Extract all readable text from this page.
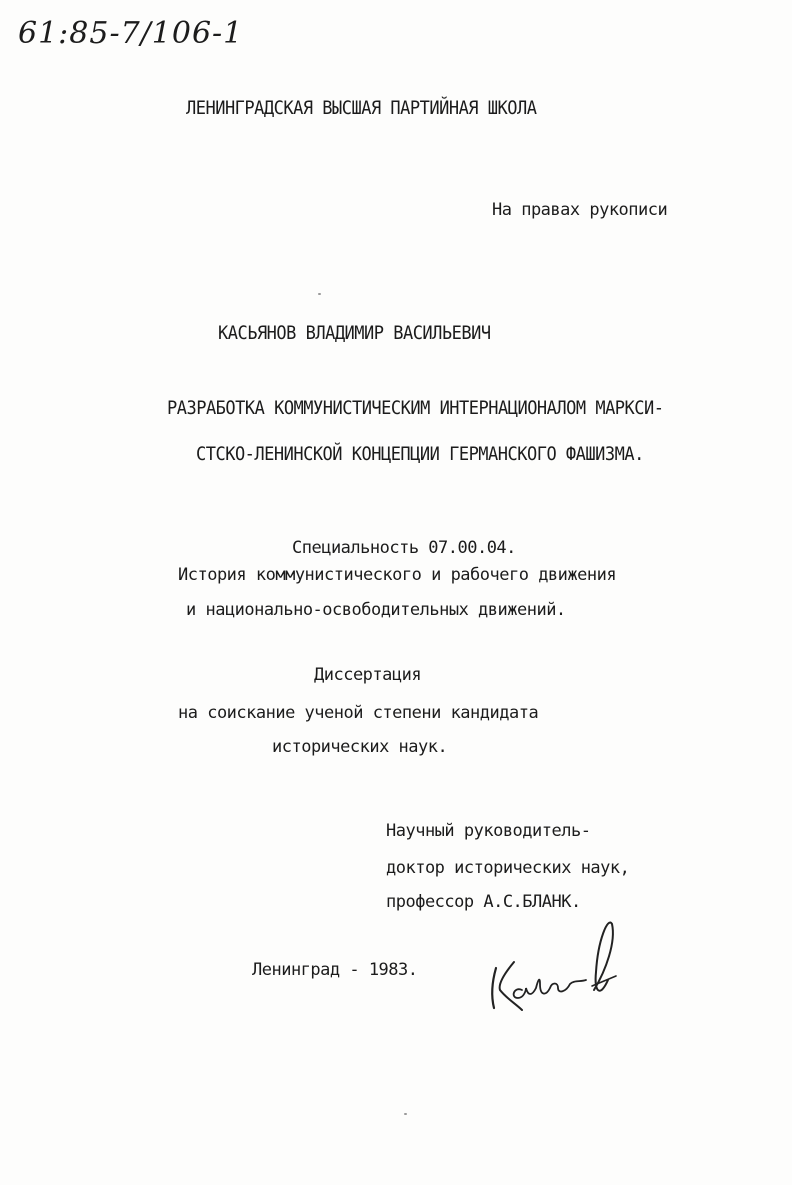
61:85-7/106-1
ЛЕНИНГРАДСКАЯ ВЫСШАЯ ПАРТИЙНАЯ ШКОЛА
На правах рукописи
КАСЬЯНОВ ВЛАДИМИР ВАСИЛЬЕВИЧ
РАЗРАБОТКА КОММУНИСТИЧЕСКИМ ИНТЕРНАЦИОНАЛОМ МАРКСИ-
СТСКО-ЛЕНИНСКОЙ КОНЦЕПЦИИ ГЕРМАНСКОГО ФАШИЗМА.
Специальность 07.00.04.
История коммунистического и рабочего движения
и национально-освободительных движений.
Диссертация
на соискание ученой степени кандидата
исторических наук.
Научный руководитель-
доктор исторических наук,
профессор А.С.БЛАНК.
Ленинград - 1983.
